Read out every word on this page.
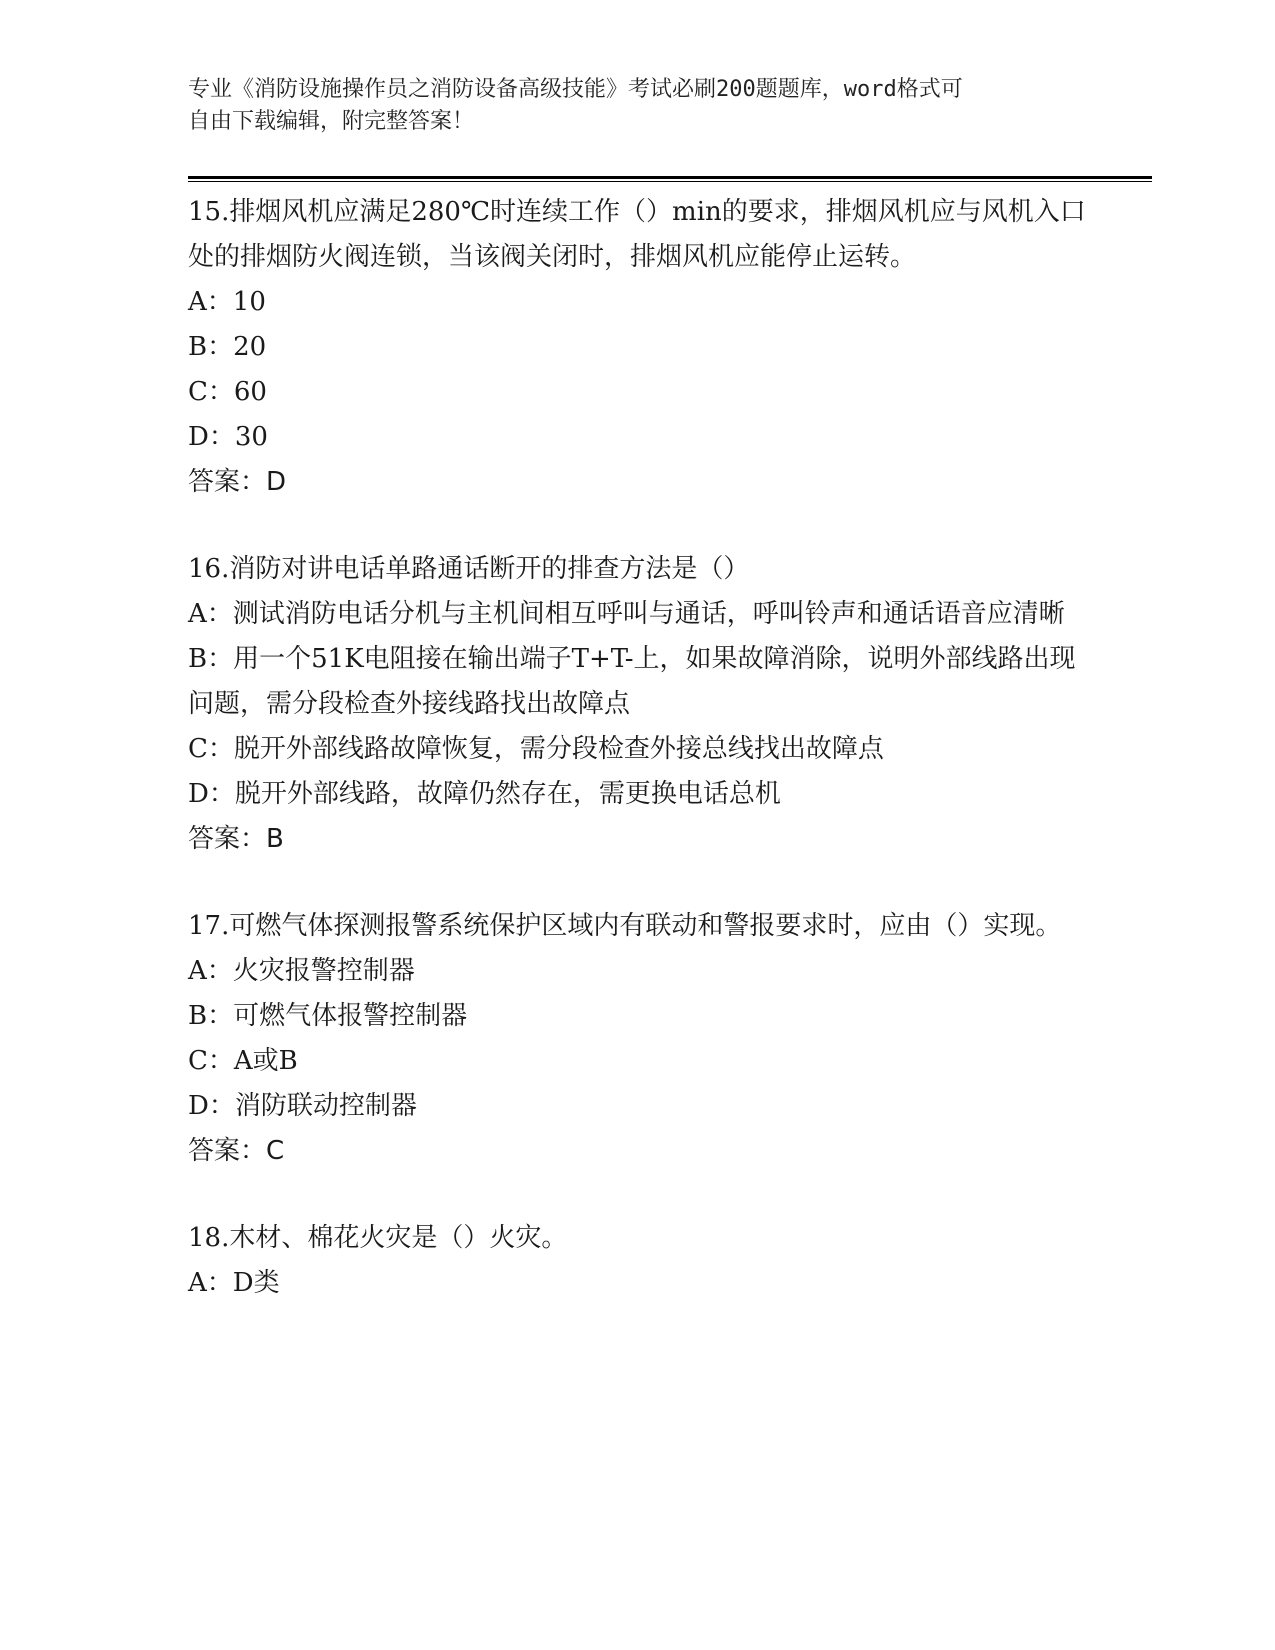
专业《消防设施操作员之消防设备高级技能》考试必刷200题题库，word格式可

自由下载编辑，附完整答案！

15.排烟风机应满足280℃时连续工作（）min的要求，排烟风机应与风机入口处的排烟防火阀连锁，当该阀关闭时，排烟风机应能停止运转。

A：10

B：20

C：60

D：30

答案：D

16.消防对讲电话单路通话断开的排查方法是（）

A：测试消防电话分机与主机间相互呼叫与通话，呼叫铃声和通话语音应清晰

B：用一个51K电阻接在输出端子T+T-上，如果故障消除，说明外部线路出现问题，需分段检查外接线路找出故障点

C：脱开外部线路故障恢复，需分段检查外接总线找出故障点

D：脱开外部线路，故障仍然存在，需更换电话总机

答案：B

17.可燃气体探测报警系统保护区域内有联动和警报要求时，应由（）实现。

A：火灾报警控制器

B：可燃气体报警控制器

C：A或B

D：消防联动控制器

答案：C

18.木材、棉花火灾是（）火灾。

A：D类
